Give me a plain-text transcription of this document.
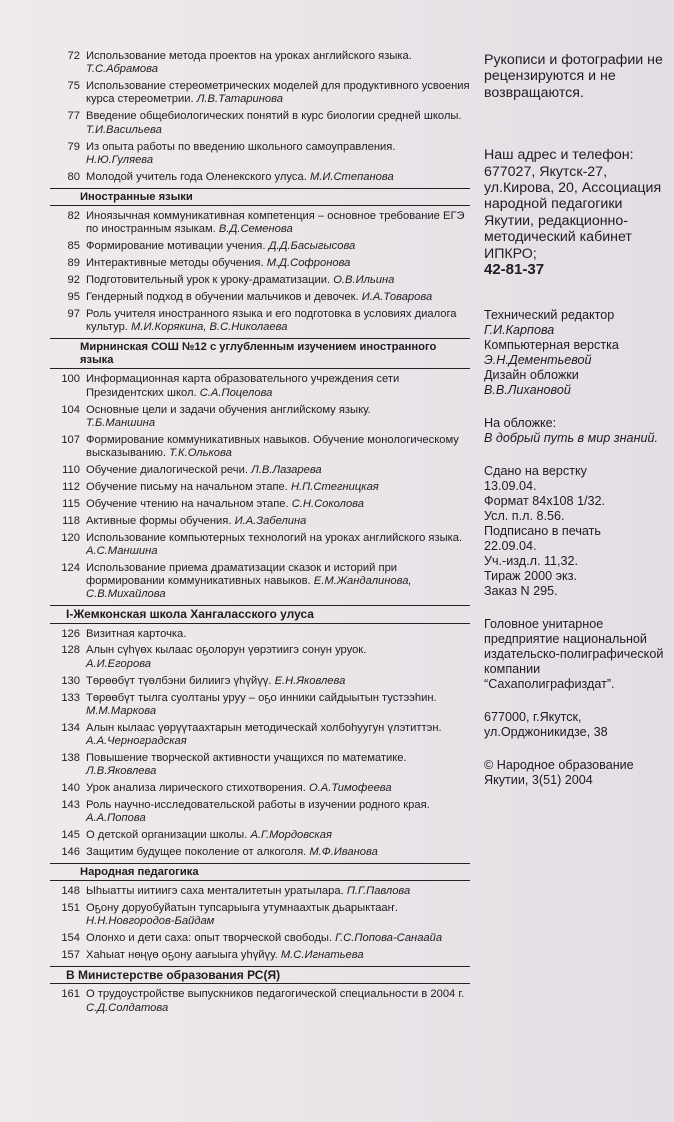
72 Использование метода проектов на уроках английского языка.
Т.С.Абрамова
75 Использование стереометрических моделей для продуктивного усвоения курса стереометрии. Л.В.Татаринова
77 Введение общебиологических понятий в курс биологии средней школы. Т.И.Васильева
79 Из опыта работы по введению школьного самоуправления.
Н.Ю.Гуляева
80 Молодой учитель года Оленекского улуса. М.И.Степанова
Иностранные языки
82 Иноязычная коммуникативная компетенция – основное требование ЕГЭ по иностранным языкам. В.Д.Семенова
85 Формирование мотивации учения. Д.Д.Басыгысова
89 Интерактивные методы обучения. М.Д.Софронова
92 Подготовительный урок к уроку-драматизации. О.В.Ильина
95 Гендерный подход в обучении мальчиков и девочек. И.А.Товарова
97 Роль учителя иностранного языка и его подготовка в условиях диалога культур. М.И.Корякина, В.С.Николаева
Мирнинская СОШ №12 с углубленным изучением иностранного языка
100 Информационная карта образовательного учреждения сети Президентских школ. С.А.Поцелова
104 Основные цели и задачи обучения английскому языку.
Т.Б.Маншина
107 Формирование коммуникативных навыков. Обучение монологическому высказыванию. Т.К.Олькова
110 Обучение диалогической речи. Л.В.Лазарева
112 Обучение письму на начальном этапе. Н.П.Стегницкая
115 Обучение чтению на начальном этапе. С.Н.Соколова
118 Активные формы обучения. И.А.Забелина
120 Использование компьютерных технологий на уроках английского языка. А.С.Маншина
124 Использование приема драматизации сказок и историй при формировании коммуникативных навыков. Е.М.Жандалинова, С.В.Михайлова
I-Жемконская школа Хангаласского улуса
126 Визитная карточка.
128 Алын сүһүөх кылаас оҕолорун үөрэтиигэ сонун уруок.
А.И.Егорова
130 Төрөөбүт түөлбэни билиигэ үһүйүү. Е.Н.Яковлева
133 Төрөөбүт тылга суолтаны уруу – оҕо инники сайдыытын тустээһин. М.М.Маркова
134 Алын кылаас үөрүүтаахтарын методическай холбоһуугун үлэтиттэн.
А.А.Черноградская
138 Повышение творческой активности учащихся по математике.
Л.В.Яковлева
140 Урок анализа лирического стихотворения. О.А.Тимофеева
143 Роль научно-исследовательской работы в изучении родного края.
А.А.Попова
145 О детской организации школы. А.Г.Мордовская
146 Защитим будущее поколение от алкоголя. М.Ф.Иванова
Народная педагогика
148 Ыһыатты иитиигэ саха менталитетын уратылара. П.Г.Павлова
151 Оҕону доруобуйатын тупсарыыга утумнаахтык дьарыктааҥ.
Н.Н.Новгородов-Байдам
154 Олонхо и дети саха: опыт творческой свободы. Г.С.Попова-Санаайа
157 Хаһыат нөңүө оҕону аағыыга уһүйүу. М.С.Игнатьева
В Министерстве образования РС(Я)
161 О трудоустройстве выпускников педагогической специальности в 2004 г. С.Д.Солдатова

Рукописи и фотографии не рецензируются и не возвращаются.

Наш адрес и телефон: 677027, Якутск-27, ул.Кирова, 20, Ассоциация народной педагогики Якутии, редакционно-методический кабинет ИПКРО;
42-81-37

Технический редактор
Г.И.Карпова
Компьютерная верстка
Э.Н.Дементьевой
Дизайн обложки
В.В.Лихановой

На обложке:
В добрый путь в мир знаний.

Сдано на верстку
13.09.04.
Формат 84x108 1/32.
Усл. п.л. 8.56.
Подписано в печать
22.09.04.
Уч.-изд.л. 11,32.
Тираж 2000 экз.
Заказ N 295.

Головное унитарное предприятие национальной издательско-полиграфической компании “Сахаполиграфиздат”.

677000, г.Якутск, ул.Орджоникидзе, 38

© Народное образование Якутии, 3(51) 2004
